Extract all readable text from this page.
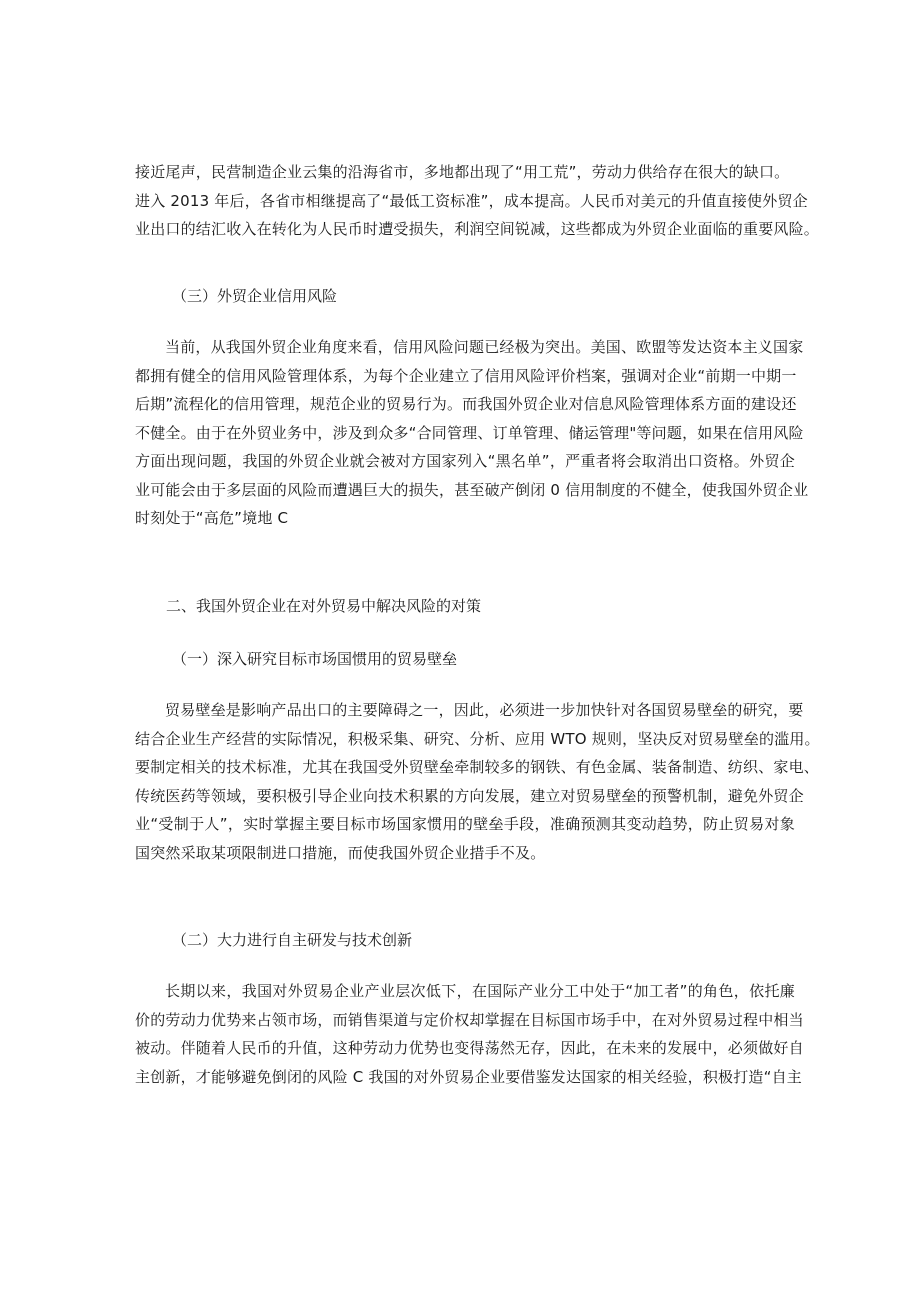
接近尾声，民营制造企业云集的沿海省市，多地都出现了“用工荒”，劳动力供给存在很大的缺口。
进入 2013 年后，各省市相继提高了“最低工资标准”，成本提高。人民币对美元的升值直接使外贸企
业出口的结汇收入在转化为人民币时遭受损失，利润空间锐减，这些都成为外贸企业面临的重要风险。
（三）外贸企业信用风险
当前，从我国外贸企业角度来看，信用风险问题已经极为突出。美国、欧盟等发达资本主义国家
都拥有健全的信用风险管理体系，为每个企业建立了信用风险评价档案，强调对企业“前期一中期一
后期”流程化的信用管理，规范企业的贸易行为。而我国外贸企业对信息风险管理体系方面的建设还
不健全。由于在外贸业务中，涉及到众多“合同管理、订单管理、储运管理"等问题，如果在信用风险
方面出现问题，我国的外贸企业就会被对方国家列入“黑名单”，严重者将会取消出口资格。外贸企
业可能会由于多层面的风险而遭遇巨大的损失，甚至破产倒闭 0 信用制度的不健全，使我国外贸企业
时刻处于“高危”境地 C
二、我国外贸企业在对外贸易中解决风险的对策
（一）深入研究目标市场国惯用的贸易壁垒
贸易壁垒是影响产品出口的主要障碍之一，因此，必须进一步加快针对各国贸易壁垒的研究，要
结合企业生产经营的实际情况，积极采集、研究、分析、应用 WTO 规则，坚决反对贸易壁垒的滥用。
要制定相关的技术标准，尤其在我国受外贸壁垒牵制较多的钢铁、有色金属、装备制造、纺织、家电、
传统医药等领域，要积极引导企业向技术积累的方向发展，建立对贸易壁垒的预警机制，避免外贸企
业“受制于人”，实时掌握主要目标市场国家惯用的壁垒手段，准确预测其变动趋势，防止贸易对象
国突然采取某项限制进口措施，而使我国外贸企业措手不及。
（二）大力进行自主研发与技术创新
长期以来，我国对外贸易企业产业层次低下，在国际产业分工中处于“加工者”的角色，依托廉
价的劳动力优势来占领市场，而销售渠道与定价权却掌握在目标国市场手中，在对外贸易过程中相当
被动。伴随着人民币的升值，这种劳动力优势也变得荡然无存，因此，在未来的发展中，必须做好自
主创新，才能够避免倒闭的风险 C 我国的对外贸易企业要借鉴发达国家的相关经验，积极打造“自主
